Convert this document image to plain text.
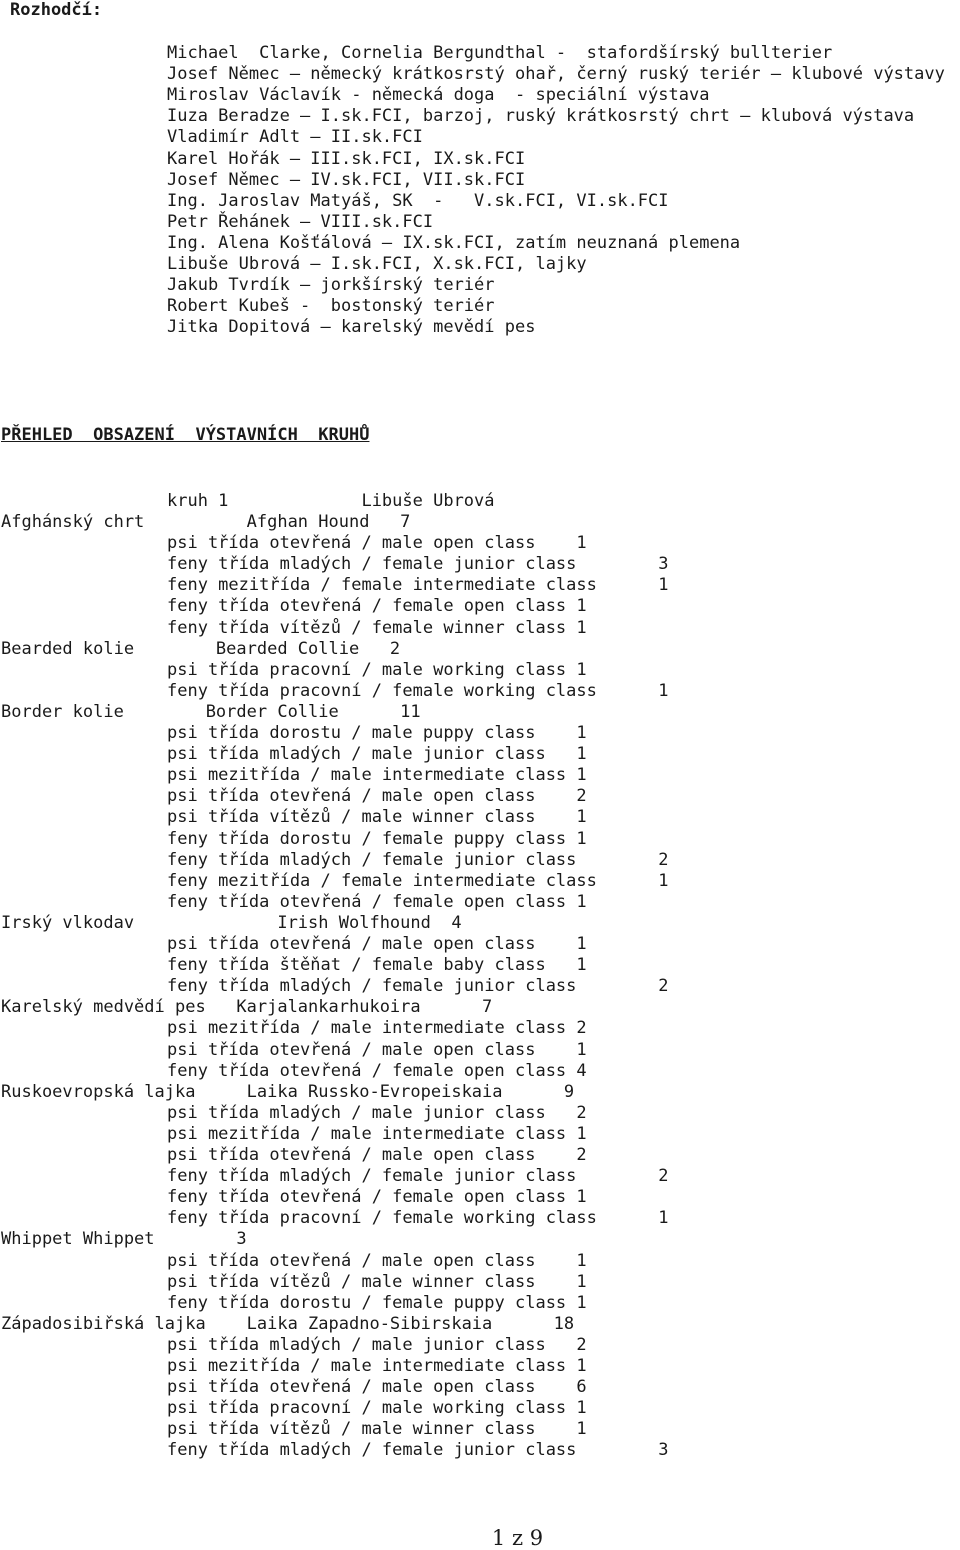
Rozhodčí:
Michael  Clarke, Cornelia Bergundthal -  stafordšírský bullterier
Josef Němec – německý krátkosrstý ohař, černý ruský teriér – klubové výstavy
Miroslav Václavík - německá doga  - speciální výstava
Iuza Beradze – I.sk.FCI, barzoj, ruský krátkosrstý chrt – klubová výstava
Vladimír Adlt – II.sk.FCI
Karel Hořák – III.sk.FCI, IX.sk.FCI
Josef Němec – IV.sk.FCI, VII.sk.FCI
Ing. Jaroslav Matyáš, SK  -   V.sk.FCI, VI.sk.FCI
Petr Řehánek – VIII.sk.FCI
Ing. Alena Košťálová – IX.sk.FCI, zatím neuznaná plemena
Libuše Ubrová – I.sk.FCI, X.sk.FCI, lajky
Jakub Tvrdík – jorkšírský teriér
Robert Kubeš -  bostonský teriér
Jitka Dopitová – karelský mevědí pes
PŘEHLED  OBSAZENÍ  VÝSTAVNÍCH  KRUHŮ
kruh 1             Libuše Ubrová
Afghánský chrt          Afghan Hound   7
psi třída otevřená / male open class    1
feny třída mladých / female junior class        3
feny mezitřída / female intermediate class      1
feny třída otevřená / female open class 1
feny třída vítězů / female winner class 1
Bearded kolie        Bearded Collie   2
psi třída pracovní / male working class 1
feny třída pracovní / female working class      1
Border kolie        Border Collie      11
psi třída dorostu / male puppy class    1
psi třída mladých / male junior class   1
psi mezitřída / male intermediate class 1
psi třída otevřená / male open class    2
psi třída vítězů / male winner class    1
feny třída dorostu / female puppy class 1
feny třída mladých / female junior class        2
feny mezitřída / female intermediate class      1
feny třída otevřená / female open class 1
Irský vlkodav              Irish Wolfhound  4
psi třída otevřená / male open class    1
feny třída štěňat / female baby class   1
feny třída mladých / female junior class        2
Karelský medvědí pes   Karjalankarhukoira      7
psi mezitřída / male intermediate class 2
psi třída otevřená / male open class    1
feny třída otevřená / female open class 4
Ruskoevropská lajka     Laika Russko-Evropeiskaia      9
psi třída mladých / male junior class   2
psi mezitřída / male intermediate class 1
psi třída otevřená / male open class    2
feny třída mladých / female junior class        2
feny třída otevřená / female open class 1
feny třída pracovní / female working class      1
Whippet Whippet        3
psi třída otevřená / male open class    1
psi třída vítězů / male winner class    1
feny třída dorostu / female puppy class 1
Západosibiřská lajka    Laika Zapadno-Sibirskaia      18
psi třída mladých / male junior class   2
psi mezitřída / male intermediate class 1
psi třída otevřená / male open class    6
psi třída pracovní / male working class 1
psi třída vítězů / male winner class    1
feny třída mladých / female junior class        3
1 z 9
